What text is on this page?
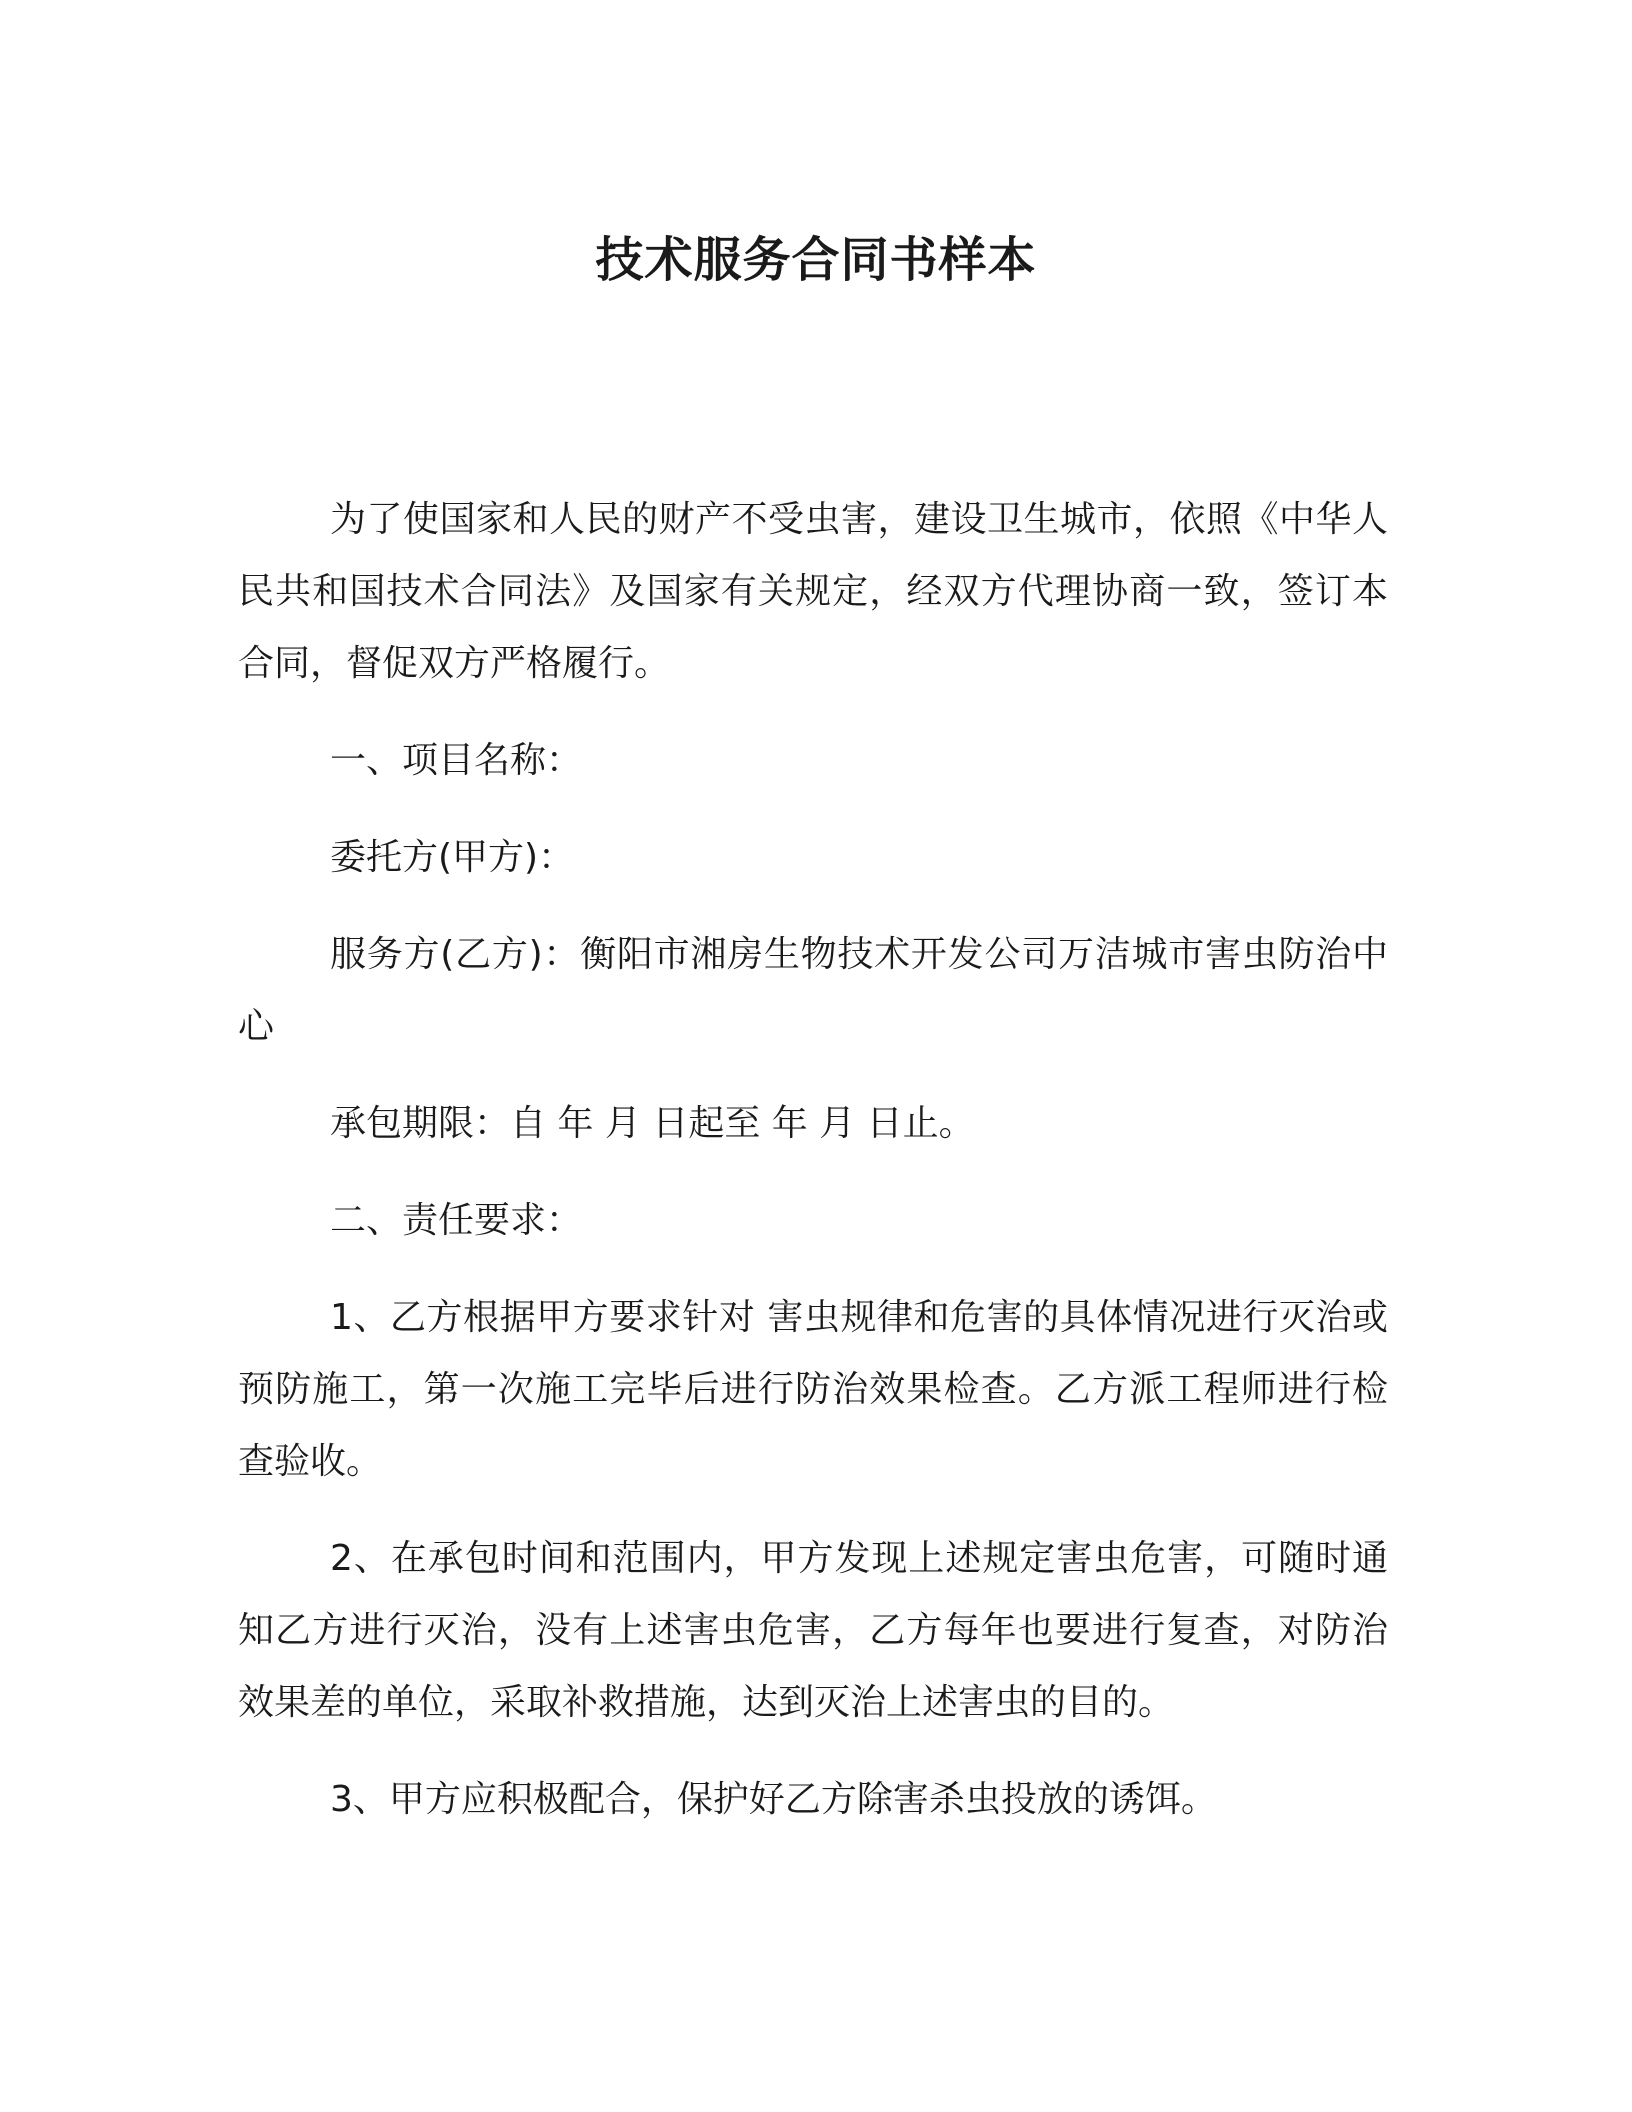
技术服务合同书样本

为了使国家和人民的财产不受虫害，建设卫生城市，依照《中华人民共和国技术合同法》及国家有关规定，经双方代理协商一致，签订本合同，督促双方严格履行。

一、项目名称：

委托方(甲方)：

服务方(乙方)：衡阳市湘房生物技术开发公司万洁城市害虫防治中心

承包期限：自 年 月 日起至 年 月 日止。

二、责任要求：

1、乙方根据甲方要求针对 害虫规律和危害的具体情况进行灭治或预防施工，第一次施工完毕后进行防治效果检查。乙方派工程师进行检查验收。

2、在承包时间和范围内，甲方发现上述规定害虫危害，可随时通知乙方进行灭治，没有上述害虫危害，乙方每年也要进行复查，对防治效果差的单位，采取补救措施，达到灭治上述害虫的目的。

3、甲方应积极配合，保护好乙方除害杀虫投放的诱饵。
